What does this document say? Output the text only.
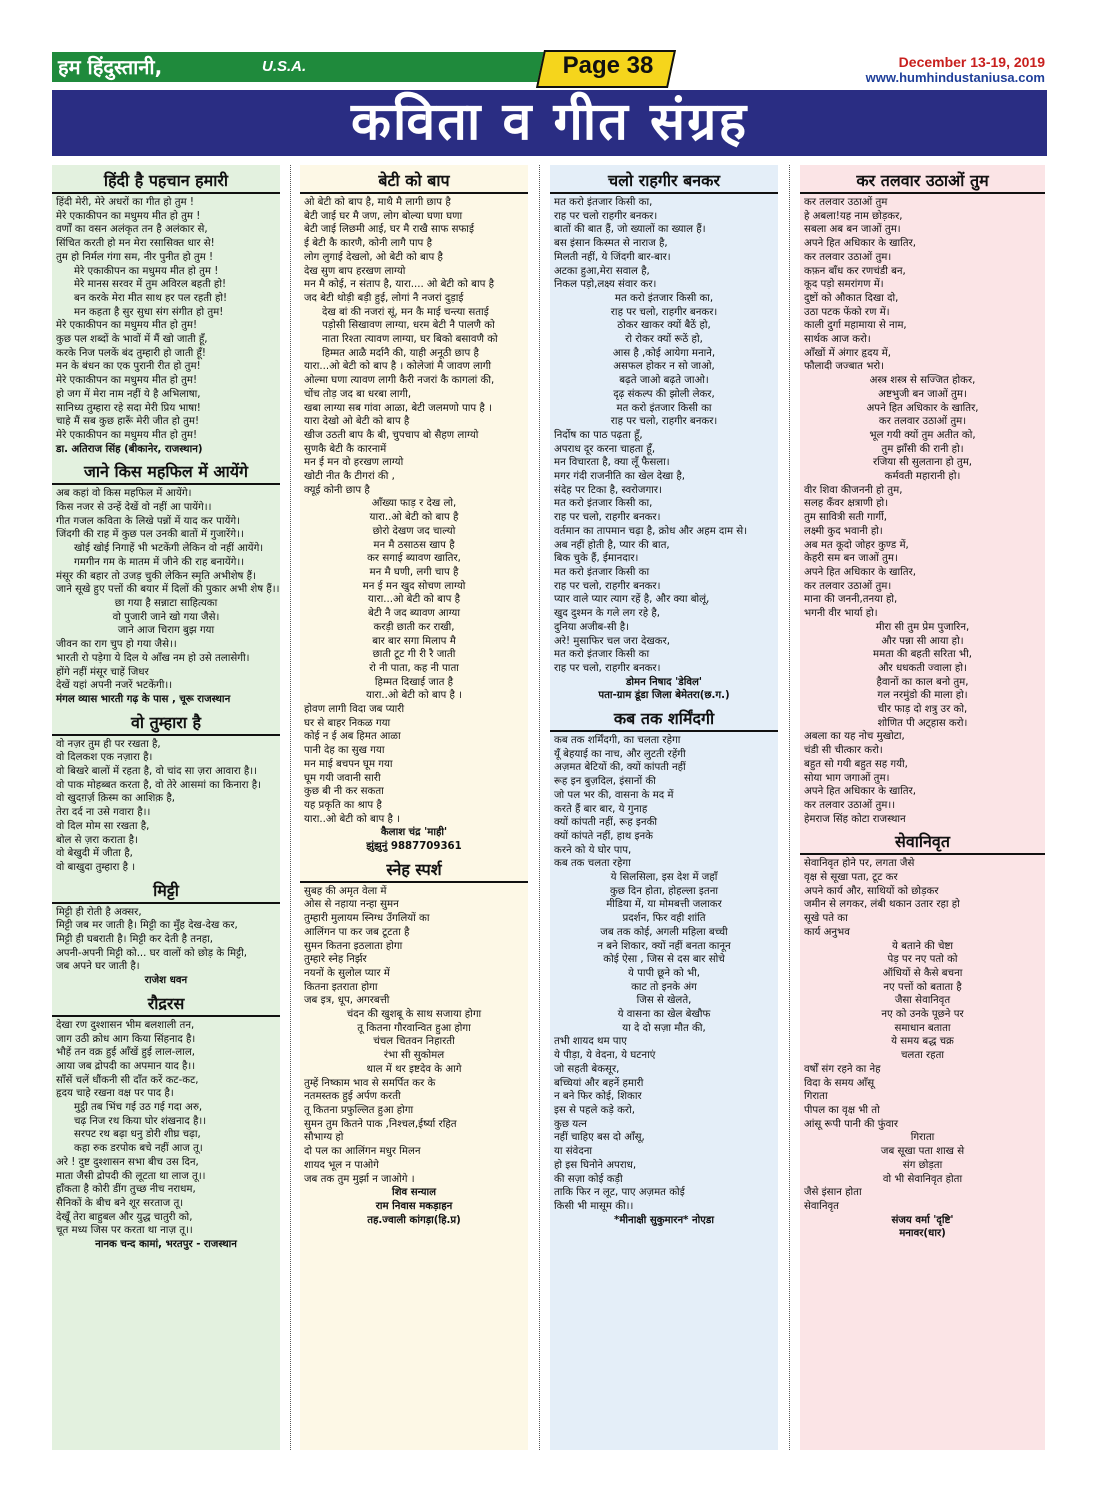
हम हिंदुस्तानी,	U.S.A.	Page 38	December 13-19, 2019
www.humhindustaniusa.com
कविता व गीत संग्रह
हिंदी है पहचान हमारी
हिंदी मेरी, मेरे अधरों का गीत हो तुम !
मेरे एकाकीपन का मधुमय मीत हो तुम !
वर्णों का वसन अलंकृत तन है अलंकार से,
सिंचित करती हो मन मेरा रसासिक्त धार से!
तुम हो निर्मल गंगा सम, नीर पुनीत हो तुम !
मेरे एकाकीपन का मधुमय मीत हो तुम !
मेरे मानस सरवर में तुम अविरल बहती हो!
बन करके मेरा मीत साथ हर पल रहती हो!
मन कहता है सुर सुधा संग संगीत हो तुम!
मेरे एकाकीपन का मधुमय मीत हो तुम!
कुछ पल शब्दों के भावों में मैं खो जाती हूँ,
करके निज पलकें बंद तुम्हारी हो जाती हूँ!
मन के बंधन का एक पुरानी रीत हो तुम!
मेरे एकाकीपन का मधुमय मीत हो तुम!
हो जग में मेरा नाम नहीं ये है अभिलाषा,
सानिध्य तुम्हारा रहे सदा मेरी प्रिय भाषा!
चाहे मैं सब कुछ हारूँ मेरी जीत हो तुम!
मेरे एकाकीपन का मधुमय मीत हो तुम!
डा. अतिराज सिंह (बीकानेर, राजस्थान)
जाने किस महफिल में आयेंगे
अब कहां वो किस महफिल में आयेंगे।
किस नजर से उन्हें देखें वो नहीं आ पायेंगे।।
गीत गजल कविता के लिखे पन्नों में याद कर पायेंगे।
जिंदगी की राह में कुछ पल उनकी बातों में गुजारेंगे।।
खोई खोई निगाहें भी भटकेंगी लेकिन वो नहीं आयेंगे।
गमगीन गम के मातम में जीने की राह बनायेंगे।।
मंसूर की बहार तो उजड़ चुकी लेकिन स्मृति अभीशेष हैं।
जाने सूखे हुए पत्तों की बयार में दिलों की पुकार अभी शेष हैं।।
छा गया है सन्नाटा साहित्यका
वो पुजारी जाने खो गया जैसे।
जाने आज चिराग बुझ गया
जीवन का राग चुप हो गया जैसे।।
भारती रो पड़ेगा ये दिल ये आँख नम हो उसे तलासेगी।
होंगे नहीं मंसूर चाहें जिधर
देखें यहां अपनी नजरें भटकेंगी।।
मंगल व्यास भारती गढ़ के पास , चूरू राजस्थान
वो तुम्हारा है
वो नज़र तुम ही पर रखता है,
वो दिलकश एक नज़ारा है।
वो बिखरे बालों में रहता है, वो चांद सा ज़रा आवारा है।।
वो पाक मोहब्बत करता है, वो तेरे आसमां का किनारा है।
वो खुदग़र्ज़ क़िस्म का आशिक़ है,
तेरा दर्द ना उसे गवारा है।।
वो दिल मोम सा रखता है,
बोल से ज़रा कराता है।
वो बेखुदी में जीता है,
वो बाखुदा तुम्हारा है ।
मिट्टी
मिट्टी ही रोती है अक्सर,
मिट्टी जब मर जाती है। मिट्टी का मुँह देख-देख कर,
मिट्टी ही घबराती है। मिट्टी कर देती है तनहा,
अपनी-अपनी मिट्टी को... घर वालों को छोड़ के मिट्टी,
जब अपने घर जाती है।
राजेश धवन
रौद्ररस
देखा रण दुश्शासन भीम बलशाली तन,
जाग उठी क्रोध आग किया सिंहनाद है।
भौहें तन वक्र हुई आँखें हुई लाल-लाल,
आया जब द्रोपदी का अपमान याद है।।
साँसें चलें धौंकनी सी दाँत करें कट-कट,
हृदय चाहे रखना वक्ष पर पाद है।
मुट्ठी तब भिंच गई उठ गई गदा अरु,
चढ़ निज रथ किया घोर शंखनाद है।।
सरपट रथ बढ़ा धनु डोरी शीघ्र चढ़ा,
कहा रुक डरपोक बचे नहीं आज तू।
अरे ! दुष्ट दुश्शासन सभा बीच उस दिन,
माता जैसी द्रोपदी की लूटता था लाज तू।।
हाँकता है कोरी डींग तुच्छ नीच नराधम,
सैनिकों के बीच बने शूर सरताज तू।
देखूँ तेरा बाहुबल और युद्ध चातुरी को,
चूत मध्य जिस पर करता था नाज़ तू।।
नानक चन्द कामां, भरतपुर - राजस्थान
बेटी को बाप
ओ बेटी को बाप है, माथै मै लागी छाप है
बेटी जाई घर मै जण, लोग बोल्या घणा घणा
बेटी जाई लिछमी आई, घर मै राखै साफ सफाई
ई बेटी कै कारणै, कोनी लागै पाप है
लोग लुगाई देखलो, ओ बेटी को बाप है
देख सुण बाप हरखण लाग्यो
मन मै कोई, न संताप है, यारा.... ओ बेटी को बाप है
जद बेटी थोड़ी बड़ी हुई, लोगां नै नजरां दुड़ाई
देख बां की नजरां सूं, मन कै माई चन्त्या सताई
पड़ोसी सिखावण लाग्या, धरम बेटी नै पालणै को
नाता रिश्ता त्यावण लाग्या, घर बिको बसावणै को
हिम्मत आळै मर्दानै की, याही अनूठी छाप है
यारा...ओ बेटी को बाप है । कोलेजां मै जावण लागी
ओल्मा घणा त्यावण लागी कैरी नजरां कै कागलां की,
चोंच तोड़ जद बा धरबा लागी,
खबा लाग्या सब गांवा आळा, बेटी जलमणो पाप है ।
यारा देखो ओ बेटी को बाप है
खीज उठती बाप कै बी, चुपचाप बो सैहण लाग्यो
सुणकै बेटी कै कारनामें
मन ई मन वो हरखण लाग्यो
खोटी नीत कै टीगरां की ,
क्यूई कोनी छाप है
आँख्या फाड़ र देख लो,
यारा..ओ बेटी को बाप है
छोरो देखण जद चाल्यो
मन मै ठसाठस खाप है
कर सगाई ब्यावण खातिर,
मन मै घणी, लगी चाप है
मन ई मन खुद सोचण लाग्यो
यारा...ओ बेटी को बाप है
बेटी नै जद ब्यावण आग्या
करड़ी छाती कर राखी,
बार बार सगा मिलाप मै
छाती टूट गी री रै जाती
रो नी पाता, कह नी पाता
हिम्मत दिखाई जात है
यारा..ओ बेटी को बाप है ।
होवण लागी विदा जब प्यारी
घर से बाहर निकळ गया
कोई न ई अब हिमत आळा
पानी देह का सुख गया
मन माई बचपन घूम गया
घूम गयी जवानी सारी
कुछ बी नी कर सकता
यह प्रकृति का श्राप है
यारा..ओ बेटी को बाप है ।
कैलाश चंद्र 'माही'
झुंझुनुं 9887709361
स्नेह स्पर्श
सुबह की अमृत वेला में
ओस से नहाया नन्हा सुमन
तुम्हारी मुलायम स्निग्ध उँगलियों का
आलिंगन पा कर जब टूटता है
सुमन कितना इठलाता होगा
तुम्हारे स्नेह निर्झर
नयनों के सुलोल प्यार में
कितना इतराता होगा
जब इत्र, धूप, अगरबत्ती
चंदन की खुशबू के साथ सजाया होगा
तू कितना गौरवान्वित हुआ होगा
चंचल चितवन निहारती
रंभा सी सुकोमल
थाल में थर इष्टदेव के आगे
तुम्हें निष्काम भाव से समर्पित कर के
नतमस्तक हुई अर्पण करती
तू कितना प्रफुल्लित हुआ होगा
सुमन तुम कितने पाक ,निश्चल,ईर्ष्या रहित
सौभाग्य हो
दो पल का आलिंगन मधुर मिलन
शायद भूल न पाओगे
जब तक तुम मुर्झा न जाओगे ।
शिव सन्याल
राम निवास मकड़ाहन
तह.ज्वाली कांगड़ा(हि.प्र)
चलो राहगीर बनकर
मत करो इंतजार किसी का,
राह पर चलो राहगीर बनकर।
बातों की बात हैं, जो ख्यालों का ख्याल हैं।
बस इंसान किस्मत से नाराज है,
मिलती नहीं, ये जिंदगी बार-बार।
अटका हुआ,मेरा सवाल है,
निकल पड़ो,लक्ष्य संवार कर।
मत करो इंतजार किसी का,
राह पर चलो, राहगीर बनकर।
ठोकर खाकर क्यों बैठें हो,
रो रोकर क्यों रूठें हो,
आस है ,कोई आयेगा मनाने,
असफल होकर न सो जाओ,
बढ़ते जाओ बढ़ते जाओ।
दृढ़ संकल्प की झोली लेकर,
मत करो इंतजार किसी का
राह पर चलो, राहगीर बनकर।
निर्दोष का पाठ पढ़ता हूँ,
अपराध दूर करना चाहता हूँ,
मन विचारता है, क्या लूँ फैसला।
मगर गंदी राजनीति का खेल देखा है,
संदेह पर टिका है, स्वरोजगार।
मत करो इंतजार किसी का,
राह पर चलो, राहगीर बनकर।
वर्तमान का तापमान चढ़ा है, क्रोध और अहम दाम से।
अब नहीं होती है, प्यार की बात,
बिक चुके हैं, ईमानदार।
मत करो इंतजार किसी का
राह पर चलो, राहगीर बनकर।
प्यार वाले प्यार त्याग रहें है, और क्या बोलूं,
खुद दुश्मन के गले लग रहे है,
दुनिया अजीब-सी है।
अरे! मुसाफिर चल जरा देखकर,
मत करो इंतजार किसी का
राह पर चलो, राहगीर बनकर।
डोमन निषाद 'डेविल'
पता-ग्राम डूंडा जिला बेमेतरा(छ.ग.)
कब तक शर्मिंदगी
कब तक शर्मिंदगी, का चलता रहेगा
यूँ बेहयाई का नाच, और लुटती रहेंगी
अज़मत बेटियों की, क्यों कांपती नहीं
रूह इन बुज़दिल, इंसानों की
जो पल भर की, वासना के मद में
करते हैं बार बार, ये गुनाह
क्यों कांपती नहीं, रूह इनकी
क्यों कांपते नहीं, हाथ इनके
करने को ये घोर पाप,
कब तक चलता रहेगा
ये सिलसिला, इस देश में जहाँ
कुछ दिन होता, होहल्ला इतना
मीडिया में, या मोमबत्ती जलाकर
प्रदर्शन, फिर वही शांति
जब तक कोई, अगली महिला बच्ची
न बने शिकार, क्यों नहीं बनता कानून
कोई ऐसा , जिस से दस बार सोचे
ये पापी छूने को भी,
काट तो इनके अंग
जिस से खेलते,
ये वासना का खेल बेखौफ
या दे दो सज़ा मौत की,
तभी शायद थम पाए
ये पीड़ा, ये वेदना, ये घटनाएं
जो सहती बेकसूर,
बच्चियां और बहनें हमारी
न बने फिर कोई, शिकार
इस से पहले कड़े करो,
कुछ यत्न
नहीं चाहिए बस दो आँसू,
या संवेदना
हो इस घिनोने अपराध,
की सज़ा कोई कड़ी
ताकि फिर न लूट, पाए अज़मत कोई
किसी भी मासूम की।।
*मीनाक्षी सुकुमारन* नोएडा
कर तलवार उठाओं तुम
कर तलवार उठाओं तुम
हे अबला!यह नाम छोड़कर,
सबला अब बन जाओं तुम।
अपने हित अधिकार के खातिर,
कर तलवार उठाओं तुम।
कफ़न बाँध कर रणचंडी बन,
कूद पड़ो समरांगण में।
दुष्टों को औकात दिखा दो,
उठा पटक फेंको रण में।
काली दुर्गा महामाया से नाम,
सार्थक आज करो।
आँखों में अंगार हृदय में,
फौलादी जज्बात भरो।
अस्त्र शस्त्र से सज्जित होकर,
अष्टभुजी बन जाओं तुम।
अपने हित अधिकार के खातिर,
कर तलवार उठाओं तुम।
भूल गयी क्यों तुम अतीत को,
तुम झाँसी की रानी हो।
रजिया सी सुलताना हो तुम,
कर्मवती महारानी हो।
वीर शिवा कीजननी हो तुम,
सलह कँवर क्षत्राणी हो।
तुम सावित्री सती गार्गी,
लक्ष्मी कुद भवानी हो।
अब मत कूदो जोहर कुण्ड में,
केहरी सम बन जाओं तुम।
अपने हित अधिकार के खातिर,
कर तलवार उठाओं तुम।
माना की जननी,तनया हो,
भगनी वीर भार्या हो।
मीरा सी तुम प्रेम पुजारिन,
और पन्ना सी आया हो।
ममता की बहती सरिता भी,
और धधकती ज्वाला हो।
हैवानों का काल बनो तुम,
गल नरमुंडो की माला हो।
चीर फाड़ दो शत्रु उर को,
शोणित पी अट्हास करो।
अबला का यह नोच मुखोटा,
चंडी सी चीत्कार करो।
बहुत सो गयी बहुत सह गयी,
सोया भाग जगाओं तुम।
अपने हित अधिकार के खातिर,
कर तलवार उठाओं तुम।।
हेमराज सिंह कोटा राजस्थान
सेवानिवृत
सेवानिवृत होने पर, लगता जैसे
वृक्ष से सूखा पता, टूट कर
अपने कार्य और, साथियों को छोड़कर
जमीन से लगकर, लंबी थकान उतार रहा हो
सूखे पते का
कार्य अनुभव
ये बताने की चेष्टा
पेड़ पर नए पतो को
ऑधियों से कैसे बचना
नए पत्तों को बताता है
जैसा सेवानिवृत
नए को उनके पूछने पर
समाधान बताता
ये समय बद्ध चक्र
चलता रहता
वर्षों संग रहने का नेह
विदा के समय आँसू
गिराता
पीपल का वृक्ष भी तो
आंसू रूपी पानी की फुंवार
गिराता
जब सूखा पता शाख से
संग छोड़ता
वो भी सेवानिवृत होता
जैसे इंसान होता
सेवानिवृत
संजय वर्मा 'दृष्टि'
मनावर(धार)
